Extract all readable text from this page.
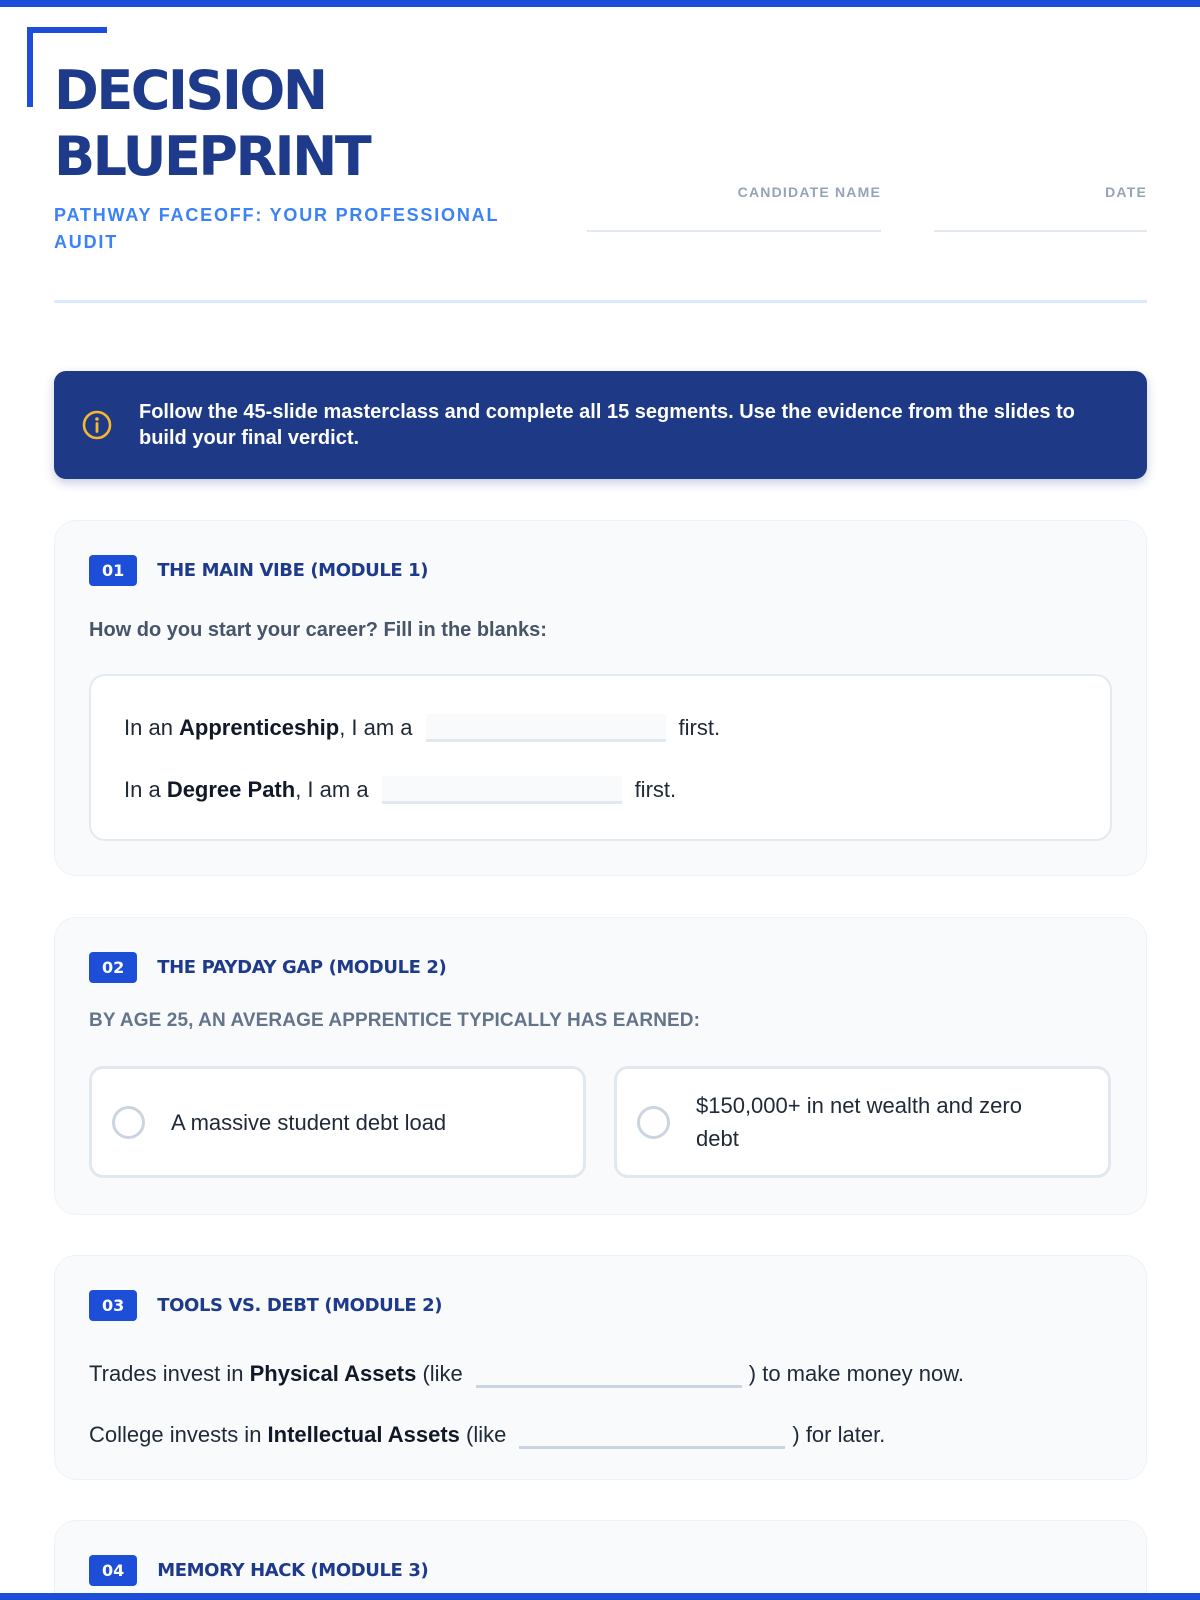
DECISION
BLUEPRINT
PATHWAY FACEOFF: YOUR PROFESSIONAL AUDIT
CANDIDATE NAME	DATE
Follow the 45-slide masterclass and complete all 15 segments. Use the evidence from the slides to build your final verdict.
01	THE MAIN VIBE (MODULE 1)
How do you start your career? Fill in the blanks:
In an Apprenticeship , I am a	first.
In a Degree Path , I am a	first.
02	THE PAYDAY GAP (MODULE 2)
BY AGE 25, AN AVERAGE APPRENTICE TYPICALLY HAS EARNED:
A massive student debt load
$150,000+ in net wealth and zero debt
03	TOOLS VS. DEBT (MODULE 2)
Trades invest in Physical Assets (like	) to make money now.
College invests in Intellectual Assets (like	) for later.
04	MEMORY HACK (MODULE 3)
